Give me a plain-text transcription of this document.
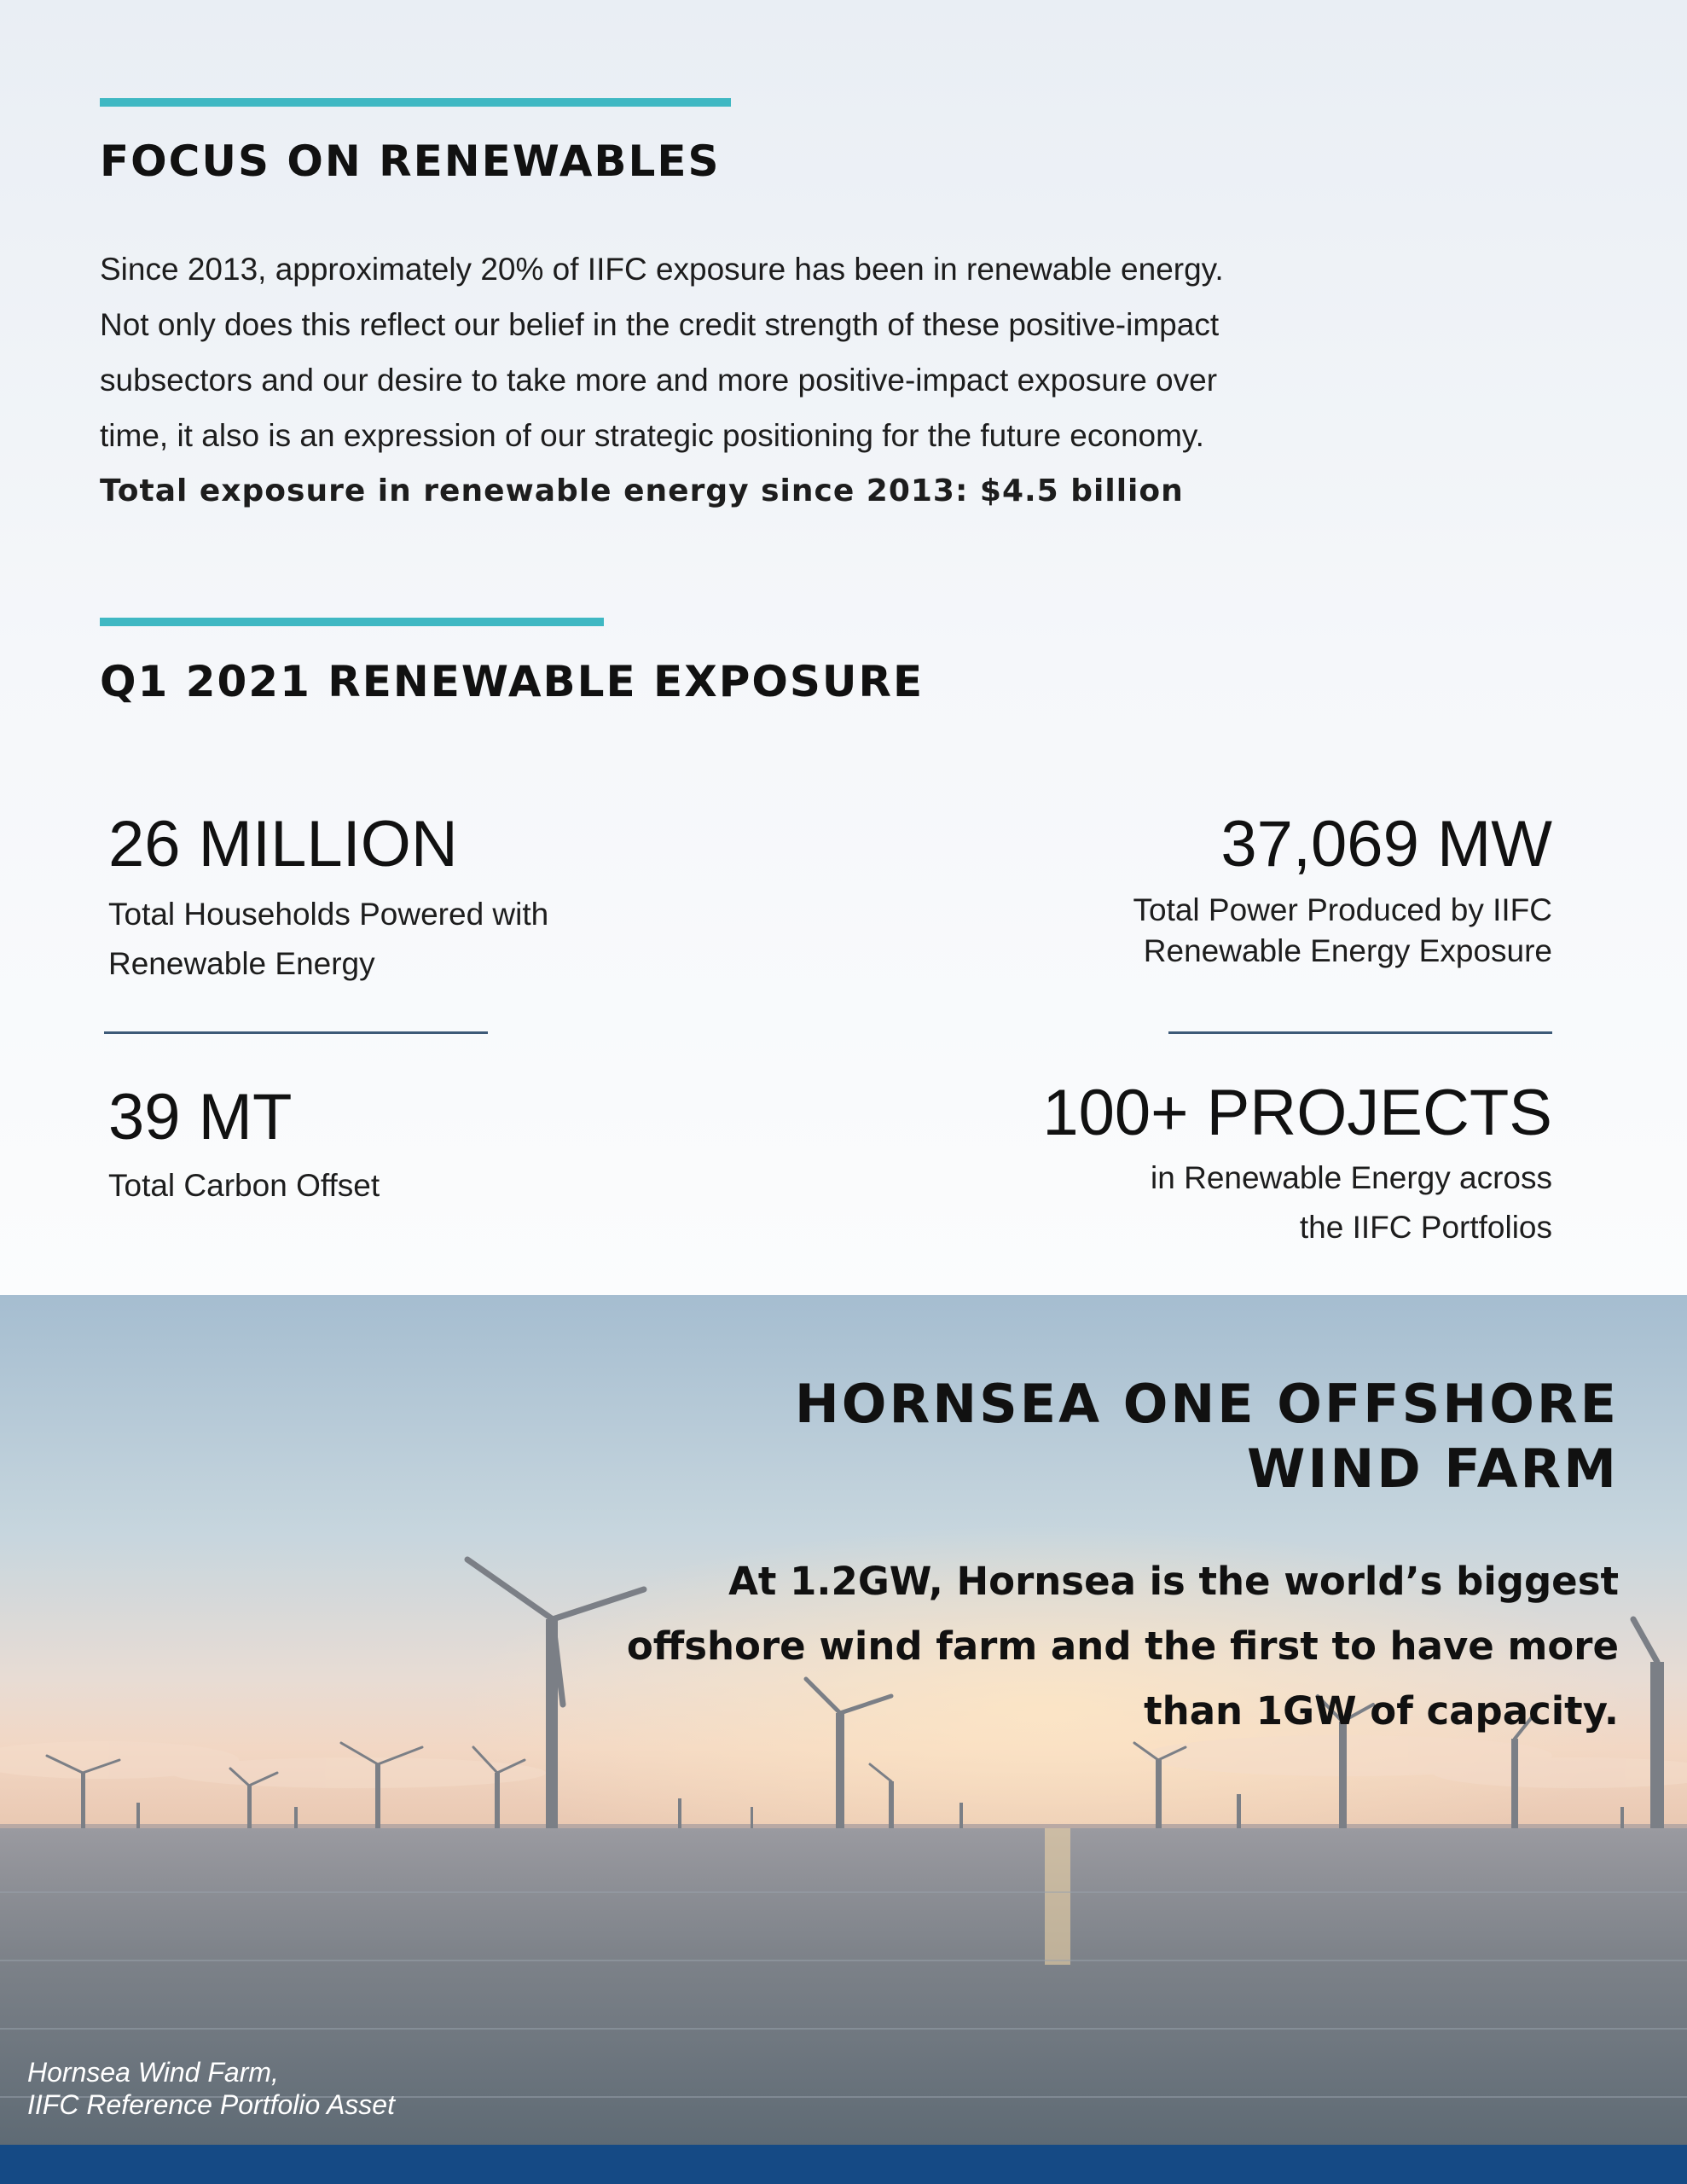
FOCUS ON RENEWABLES

Since 2013, approximately 20% of IIFC exposure has been in renewable energy.

Not only does this reflect our belief in the credit strength of these positive-impact

subsectors and our desire to take more and more positive-impact exposure over

time, it also is an expression of our strategic positioning for the future economy.

Total exposure in renewable energy since 2013: $4.5 billion

Q1 2021 RENEWABLE EXPOSURE
26 MILLION
Total Households Powered with
Renewable Energy
37,069 MW
Total Power Produced by IIFC
Renewable Energy Exposure
39 MT
Total Carbon Offset
100+ PROJECTS
in Renewable Energy across
the IIFC Portfolios
HORNSEA ONE OFFSHORE
WIND FARM
At 1.2GW, Hornsea is the world’s biggest
offshore wind farm and the first to have more
than 1GW of capacity.
Hornsea Wind Farm,
IIFC Reference Portfolio Asset
